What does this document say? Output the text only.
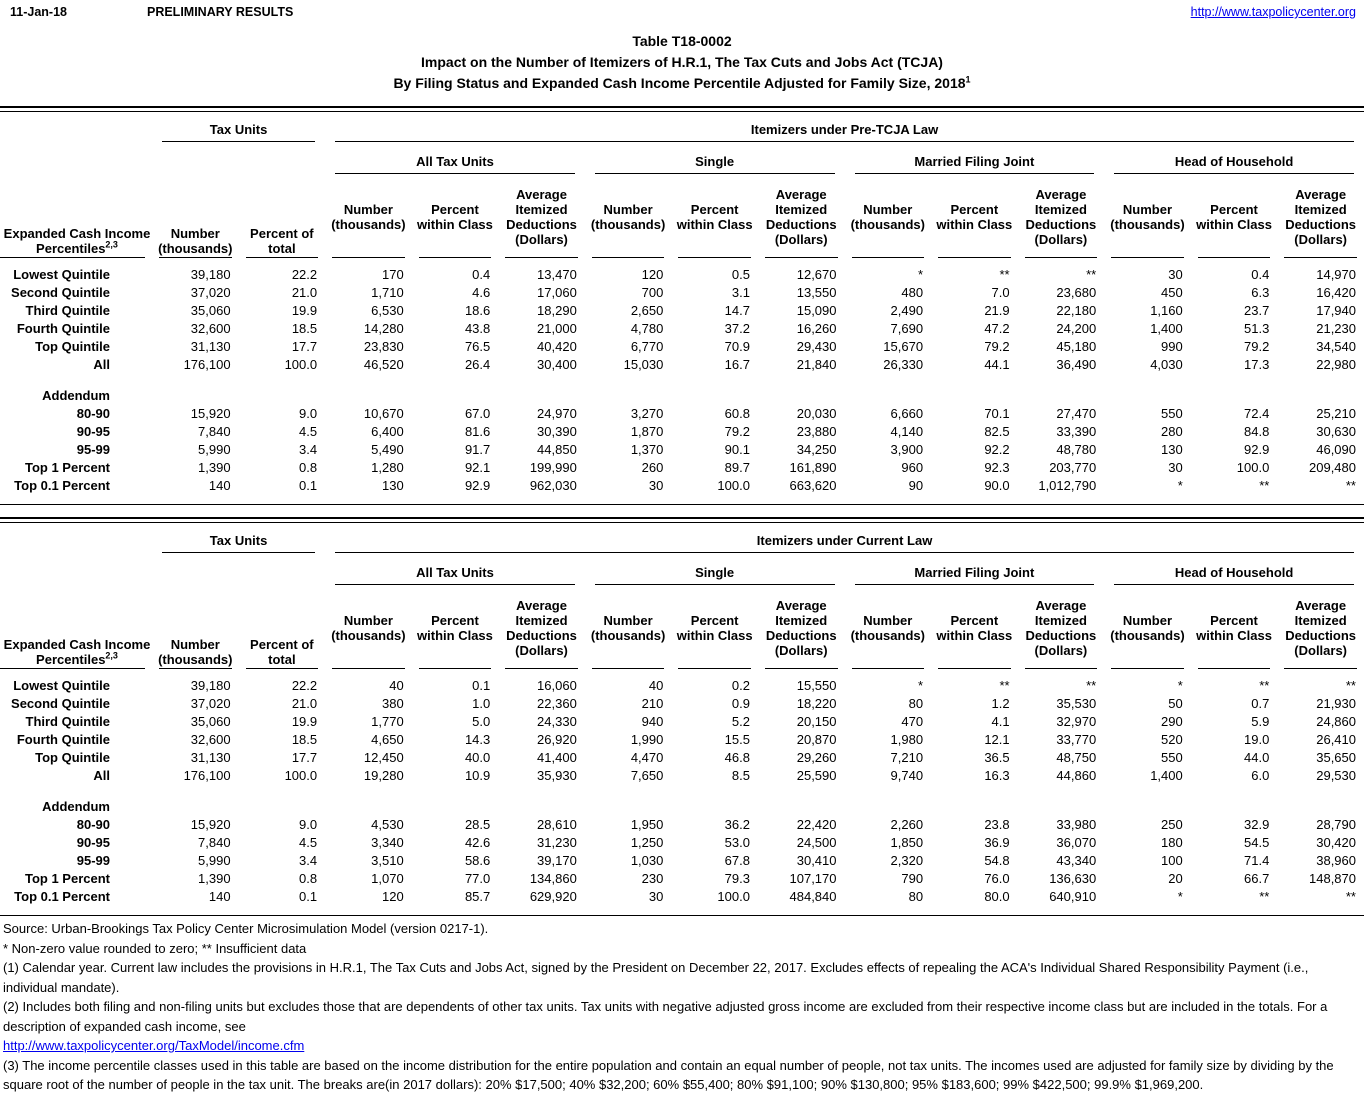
11-Jan-18	PRELIMINARY RESULTS	http://www.taxpolicycenter.org
Table T18-0002
Impact on the Number of Itemizers of H.R.1, The Tax Cuts and Jobs Act (TCJA)
By Filing Status and Expanded Cash Income Percentile Adjusted for Family Size, 2018$^1$
Expanded Cash Income
Percentiles$^{2,3}$	Tax Units		Itemizers under Pre-TCJA Law											

	Number (thousands)	Percent of total	All Tax Units			Single			Married Filing Joint			Head of Household		

			Number (thousands)	Percent within Class	Average Itemized Deductions (Dollars)	Number (thousands)	Percent within Class	Average Itemized Deductions (Dollars)	Number (thousands)	Percent within Class	Average Itemized Deductions (Dollars)	Number (thousands)	Percent within Class	Average Itemized Deductions (Dollars)
Lowest Quintile	39,180	22.2	170	0.4	13,470	120	0.5	12,670	*	**	**	30	0.4	14,970
Second Quintile	37,020	21.0	1,710	4.6	17,060	700	3.1	13,550	480	7.0	23,680	450	6.3	16,420
Third Quintile	35,060	19.9	6,530	18.6	18,290	2,650	14.7	15,090	2,490	21.9	22,180	1,160	23.7	17,940
Fourth Quintile	32,600	18.5	14,280	43.8	21,000	4,780	37.2	16,260	7,690	47.2	24,200	1,400	51.3	21,230
Top Quintile	31,130	17.7	23,830	76.5	40,420	6,770	70.9	29,430	15,670	79.2	45,180	990	79.2	34,540
All	176,100	100.0	46,520	26.4	30,400	15,030	16.7	21,840	26,330	44.1	36,490	4,030	17.3	22,980

Addendum														
80-90	15,920	9.0	10,670	67.0	24,970	3,270	60.8	20,030	6,660	70.1	27,470	550	72.4	25,210
90-95	7,840	4.5	6,400	81.6	30,390	1,870	79.2	23,880	4,140	82.5	33,390	280	84.8	30,630
95-99	5,990	3.4	5,490	91.7	44,850	1,370	90.1	34,250	3,900	92.2	48,780	130	92.9	46,090
Top 1 Percent	1,390	0.8	1,280	92.1	199,990	260	89.7	161,890	960	92.3	203,770	30	100.0	209,480
Top 0.1 Percent	140	0.1	130	92.9	962,030	30	100.0	663,620	90	90.0	1,012,790	*	**	**
Expanded Cash Income
Percentiles$^{2,3}$	Tax Units		Itemizers under Current Law											

	Number (thousands)	Percent of total	All Tax Units			Single			Married Filing Joint			Head of Household		

			Number (thousands)	Percent within Class	Average Itemized Deductions (Dollars)	Number (thousands)	Percent within Class	Average Itemized Deductions (Dollars)	Number (thousands)	Percent within Class	Average Itemized Deductions (Dollars)	Number (thousands)	Percent within Class	Average Itemized Deductions (Dollars)
Lowest Quintile	39,180	22.2	40	0.1	16,060	40	0.2	15,550	*	**	**	*	**	**
Second Quintile	37,020	21.0	380	1.0	22,360	210	0.9	18,220	80	1.2	35,530	50	0.7	21,930
Third Quintile	35,060	19.9	1,770	5.0	24,330	940	5.2	20,150	470	4.1	32,970	290	5.9	24,860
Fourth Quintile	32,600	18.5	4,650	14.3	26,920	1,990	15.5	20,870	1,980	12.1	33,770	520	19.0	26,410
Top Quintile	31,130	17.7	12,450	40.0	41,400	4,470	46.8	29,260	7,210	36.5	48,750	550	44.0	35,650
All	176,100	100.0	19,280	10.9	35,930	7,650	8.5	25,590	9,740	16.3	44,860	1,400	6.0	29,530

Addendum														
80-90	15,920	9.0	4,530	28.5	28,610	1,950	36.2	22,420	2,260	23.8	33,980	250	32.9	28,790
90-95	7,840	4.5	3,340	42.6	31,230	1,250	53.0	24,500	1,850	36.9	36,070	180	54.5	30,420
95-99	5,990	3.4	3,510	58.6	39,170	1,030	67.8	30,410	2,320	54.8	43,340	100	71.4	38,960
Top 1 Percent	1,390	0.8	1,070	77.0	134,860	230	79.3	107,170	790	76.0	136,630	20	66.7	148,870
Top 0.1 Percent	140	0.1	120	85.7	629,920	30	100.0	484,840	80	80.0	640,910	*	**	**
Source: Urban-Brookings Tax Policy Center Microsimulation Model (version 0217-1).
* Non-zero value rounded to zero; ** Insufficient data
(1) Calendar year. Current law includes the provisions in H.R.1, The Tax Cuts and Jobs Act, signed by the President on December 22, 2017. Excludes effects of repealing the ACA's Individual Shared Responsibility Payment (i.e., individual mandate).
(2) Includes both filing and non-filing units but excludes those that are dependents of other tax units. Tax units with negative adjusted gross income are excluded from their respective income class but are included in the totals. For a description of expanded cash income, see
http://www.taxpolicycenter.org/TaxModel/income.cfm
(3) The income percentile classes used in this table are based on the income distribution for the entire population and contain an equal number of people, not tax units. The incomes used are adjusted for family size by dividing by the square root of the number of people in the tax unit. The breaks are(in 2017 dollars): 20% $17,500; 40% $32,200; 60% $55,400; 80% $91,100; 90% $130,800; 95% $183,600; 99% $422,500; 99.9% $1,969,200.
